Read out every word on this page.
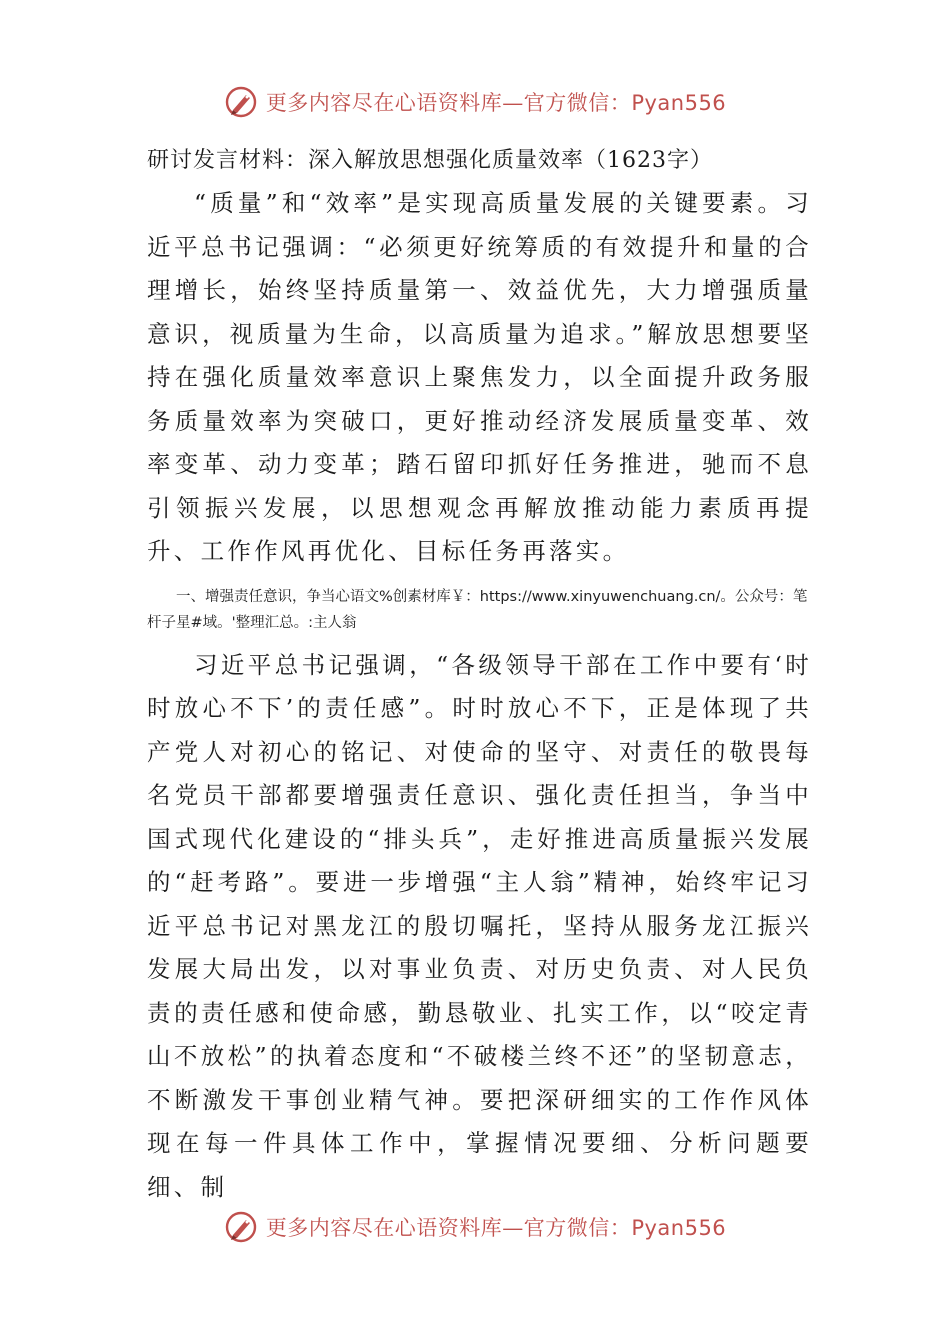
更多内容尽在心语资料库—官方微信：Pyan556
研讨发言材料：深入解放思想强化质量效率（1623字）

“质量”和“效率”是实现高质量发展的关键要素。习近平总书记强调：“必须更好统筹质的有效提升和量的合理增长，始终坚持质量第一、效益优先，大力增强质量意识，视质量为生命，以高质量为追求。”解放思想要坚持在强化质量效率意识上聚焦发力，以全面提升政务服务质量效率为突破口，更好推动经济发展质量变革、效率变革、动力变革；踏石留印抓好任务推进，驰而不息引领振兴发展，以思想观念再解放推动能力素质再提升、工作作风再优化、目标任务再落实。

一、增强责任意识，争当心语文%创素材库￥：https://www.xinyuwenchuang.cn/。公众号：笔杆子星#域。'整理汇总。:主人翁

习近平总书记强调，“各级领导干部在工作中要有‘时时放心不下’的责任感”。时时放心不下，正是体现了共产党人对初心的铭记、对使命的坚守、对责任的敬畏每名党员干部都要增强责任意识、强化责任担当，争当中国式现代化建设的“排头兵”，走好推进高质量振兴发展的“赶考路”。要进一步增强“主人翁”精神，始终牢记习近平总书记对黑龙江的殷切嘱托，坚持从服务龙江振兴发展大局出发，以对事业负责、对历史负责、对人民负责的责任感和使命感，勤恳敬业、扎实工作，以“咬定青山不放松”的执着态度和“不破楼兰终不还”的坚韧意志，不断激发干事创业精气神。要把深研细实的工作作风体现在每一件具体工作中，掌握情况要细、分析问题要细、制

更多内容尽在心语资料库—官方微信：Pyan556
